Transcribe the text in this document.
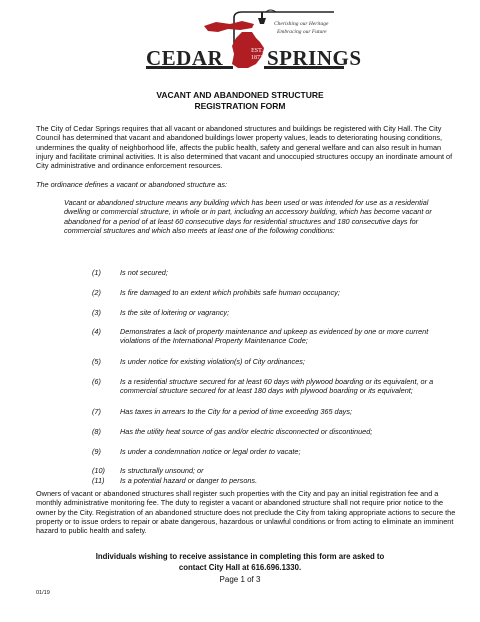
CEDAR SPRINGS
EST.
1871
Cherishing our Heritage
Embracing our Future
VACANT AND ABANDONED STRUCTURE
REGISTRATION FORM
The City of Cedar Springs requires that all vacant or abandoned structures and buildings be registered with City Hall. The City Council has determined that vacant and abandoned buildings lower property values, leads to deteriorating housing conditions, undermines the quality of neighborhood life, affects the public health, safety and general welfare and can also result in human injury and facilitate criminal activities. It is also determined that vacant and unoccupied structures occupy an inordinate amount of City administrative and ordinance enforcement resources.
The ordinance defines a vacant or abandoned structure as:
Vacant or abandoned structure means any building which has been used or was intended for use as a residential dwelling or commercial structure, in whole or in part, including an accessory building, which has become vacant or abandoned for a period of at least 60 consecutive days for residential structures and 180 consecutive days for commercial structures and which also meets at least one of the following conditions:
(1)	Is not secured;
(2)	Is fire damaged to an extent which prohibits safe human occupancy;
(3)	Is the site of loitering or vagrancy;
(4)	Demonstrates a lack of property maintenance and upkeep as evidenced by one or more current violations of the International Property Maintenance Code;
(5)	Is under notice for existing violation(s) of City ordinances;
(6)	Is a residential structure secured for at least 60 days with plywood boarding or its equivalent, or a commercial structure secured for at least 180 days with plywood boarding or its equivalent;
(7)	Has taxes in arrears to the City for a period of time exceeding 365 days;
(8)	Has the utility heat source of gas and/or electric disconnected or discontinued;
(9)	Is under a condemnation notice or legal order to vacate;
(10)	Is structurally unsound; or
(11)	Is a potential hazard or danger to persons.
Owners of vacant or abandoned structures shall register such properties with the City and pay an initial registration fee and a monthly administrative monitoring fee. The duty to register a vacant or abandoned structure shall not require prior notice to the owner by the City. Registration of an abandoned structure does not preclude the City from taking appropriate actions to secure the property or to issue orders to repair or abate dangerous, hazardous or unlawful conditions or from acting to eliminate an imminent hazard to public health and safety.
Individuals wishing to receive assistance in completing this form are asked to
contact City Hall at 616.696.1330.
Page 1 of 3
01/19
